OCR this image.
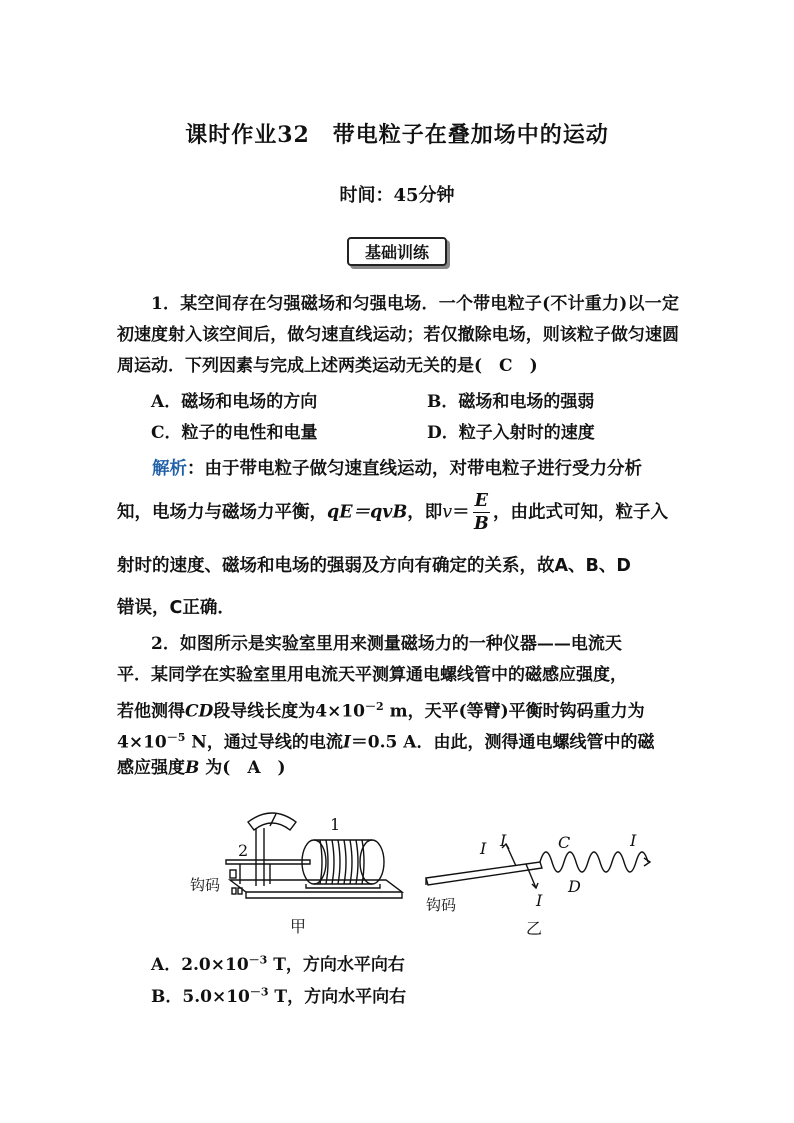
课时作业32　带电粒子在叠加场中的运动
时间：45分钟
基础训练

1．某空间存在匀强磁场和匀强电场．一个带电粒子(不计重力)以一定初速度射入该空间后，做匀速直线运动；若仅撤除电场，则该粒子做匀速圆周运动．下列因素与完成上述两类运动无关的是(　C　)

A．磁场和电场的方向	B．磁场和电场的强弱
C．粒子的电性和电量	D．粒子入射时的速度
解析：由于带电粒子做匀速直线运动，对带电粒子进行受力分析
知，电场力与磁场力平衡，qE＝qvB，即$v= \frac{E}{B}$ ，由此式可知，粒子入
射时的速度、磁场和电场的强弱及方向有确定的关系，故A、B、D
错误，C正确．
2．如图所示是实验室里用来测量磁场力的一种仪器——电流天
平．某同学在实验室里用电流天平测算通电螺线管中的磁感应强度，
若他测得CD段导线长度为$4\times 10^{-2}$ m，天平(等臂)平衡时钩码重力为
$4\times 10^{-5}$ N，通过导线的电流I＝0.5 A．由此，测得通电螺线管中的磁
感应强度B 为(　A　)
1
2
钩码
钩码
甲	乙
I I
I
I
C
D
A．$2.0\times 10^{-3}$ T，方向水平向右
B．$5.0\times 10^{-3}$ T，方向水平向右
